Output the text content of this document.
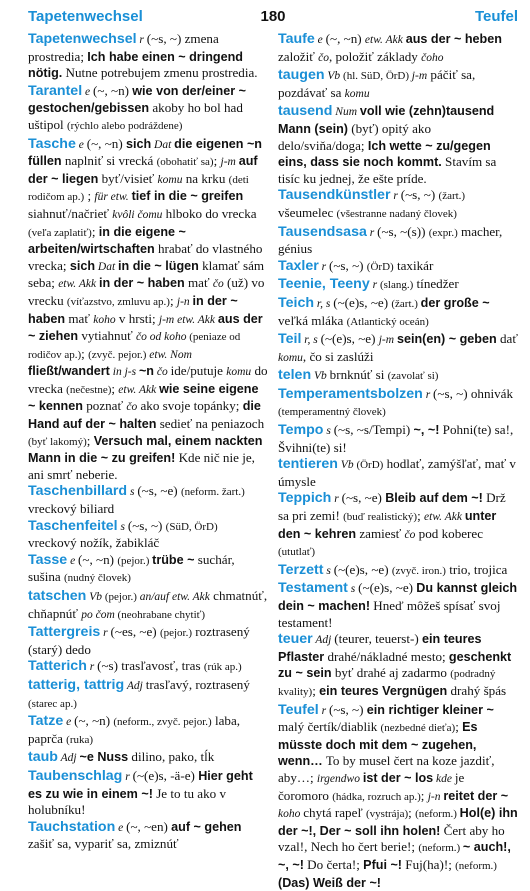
Tapetenwechsel	180	Teufel

Tapetenwechsel r (~s, ~) zmena prostredia; Ich habe einen ~ dringend nötig. Nutne potrebujem zmenu prostredia.

Tarantel e (~, ~n) wie von der/einer ~ gestochen/gebissen akoby ho bol had uštipol (rýchlo alebo podráždene)

Tasche e (~, ~n) sich Dat die eigenen ~n füllen naplniť si vrecká (obohatiť sa); j-m auf der ~ liegen byť/visieť komu na krku (deti rodičom ap.) ; für etw. tief in die ~ greifen siahnuť/načrieť kvôli čomu hlboko do vrecka (veľa zaplatiť); in die eigene ~ arbeiten/wirtschaften hrabať do vlastného vrecka; sich Dat in die ~ lügen klamať sám seba; etw. Akk in der ~ haben mať čo (už) vo vrecku (víťazstvo, zmluvu ap.); j-n in der ~ haben mať koho v hrsti; j-m etw. Akk aus der ~ ziehen vytiahnuť čo od koho (peniaze od rodičov ap.); (zvyč. pejor.) etw. Nom fließt/wandert in j-s ~n čo ide/putuje komu do vrecka (nečestne); etw. Akk wie seine eigene ~ kennen poznať čo ako svoje topánky; die Hand auf der ~ halten sedieť na peniazoch (byť lakomý); Versuch mal, einem nackten Mann in die ~ zu greifen! Kde nič nie je, ani smrť neberie.

Taschenbillard s (~s, ~e) (neform. žart.) vreckový biliard

Taschenfeitel s (~s, ~) (SüD, ÖrD) vreckový nožík, žabikláč

Tasse e (~, ~n) (pejor.) trübe ~ suchár, sušina (nudný človek)

tatschen Vb (pejor.) an/auf etw. Akk chmatnúť, chňapnúť po čom (neohrabane chytiť)

Tattergreis r (~es, ~e) (pejor.) roztrasený (starý) dedo

Tatterich r (~s) trasľavosť, tras (rúk ap.)

tatterig, tattrig Adj trasľavý, roztrasený (starec ap.)

Tatze e (~, ~n) (neform., zvyč. pejor.) laba, paprča (ruka)

taub Adj ~e Nuss dilino, pako, tĺk

Taubenschlag r (~(e)s, -ä-e) Hier geht es zu wie in einem ~! Je to tu ako v holubníku!

Tauchstation e (~, ~en) auf ~ gehen zašiť sa, vypariť sa, zmiznúť

Taufe e (~, ~n) etw. Akk aus der ~ heben založiť čo, položiť základy čoho

taugen Vb (hl. SüD, ÖrD) j-m páčiť sa, pozdávať sa komu

tausend Num voll wie (zehn)tausend Mann (sein) (byť) opitý ako delo/sviňa/doga; Ich wette ~ zu/gegen eins, dass sie noch kommt. Stavím sa tisíc ku jednej, že ešte príde.

Tausendkünstler r (~s, ~) (žart.) všeumelec (všestranne nadaný človek)

Tausendsasa r (~s, ~(s)) (expr.) macher, génius

Taxler r (~s, ~) (ÖrD) taxikár

Teenie, Teeny r (slang.) tínedžer

Teich r, s (~(e)s, ~e) (žart.) der große ~ veľká mláka (Atlantický oceán)

Teil r, s (~(e)s, ~e) j-m sein(en) ~ geben dať komu, čo si zaslúži

telen Vb brnknúť si (zavolať si)

Temperamentsbolzen r (~s, ~) ohnivák (temperamentný človek)

Tempo s (~s, ~s/Tempi) ~, ~! Pohni(te) sa!, Švihni(te) si!

tentieren Vb (ÖrD) hodlať, zamýšľať, mať v úmysle

Teppich r (~s, ~e) Bleib auf dem ~! Drž sa pri zemi! (buď realistický); etw. Akk unter den ~ kehren zamiesť čo pod koberec (ututlať)

Terzett s (~(e)s, ~e) (zvyč. iron.) trio, trojica

Testament s (~(e)s, ~e) Du kannst gleich dein ~ machen! Hneď môžeš spísať svoj testament!

teuer Adj (teurer, teuerst-) ein teures Pflaster drahé/nákladné mesto; geschenkt zu ~ sein byť drahé aj zadarmo (podradný kvality); ein teures Vergnügen drahý špás

Teufel r (~s, ~) ein richtiger kleiner ~ malý čertík/diablik (nezbedné dieťa); Es müsste doch mit dem ~ zugehen, wenn… To by musel čert na koze jazdiť, aby…; irgendwo ist der ~ los kde je čoromoro (hádka, rozruch ap.); j-n reitet der ~ koho chytá rapeľ (vystrája); (neform.) Hol(e) ihn der ~!, Der ~ soll ihn holen! Čert aby ho vzal!, Nech ho čert berie!; (neform.) ~ auch!, ~, ~! Do čerta!; Pfui ~! Fuj(ha)!; (neform.) (Das) Weiß der ~!
